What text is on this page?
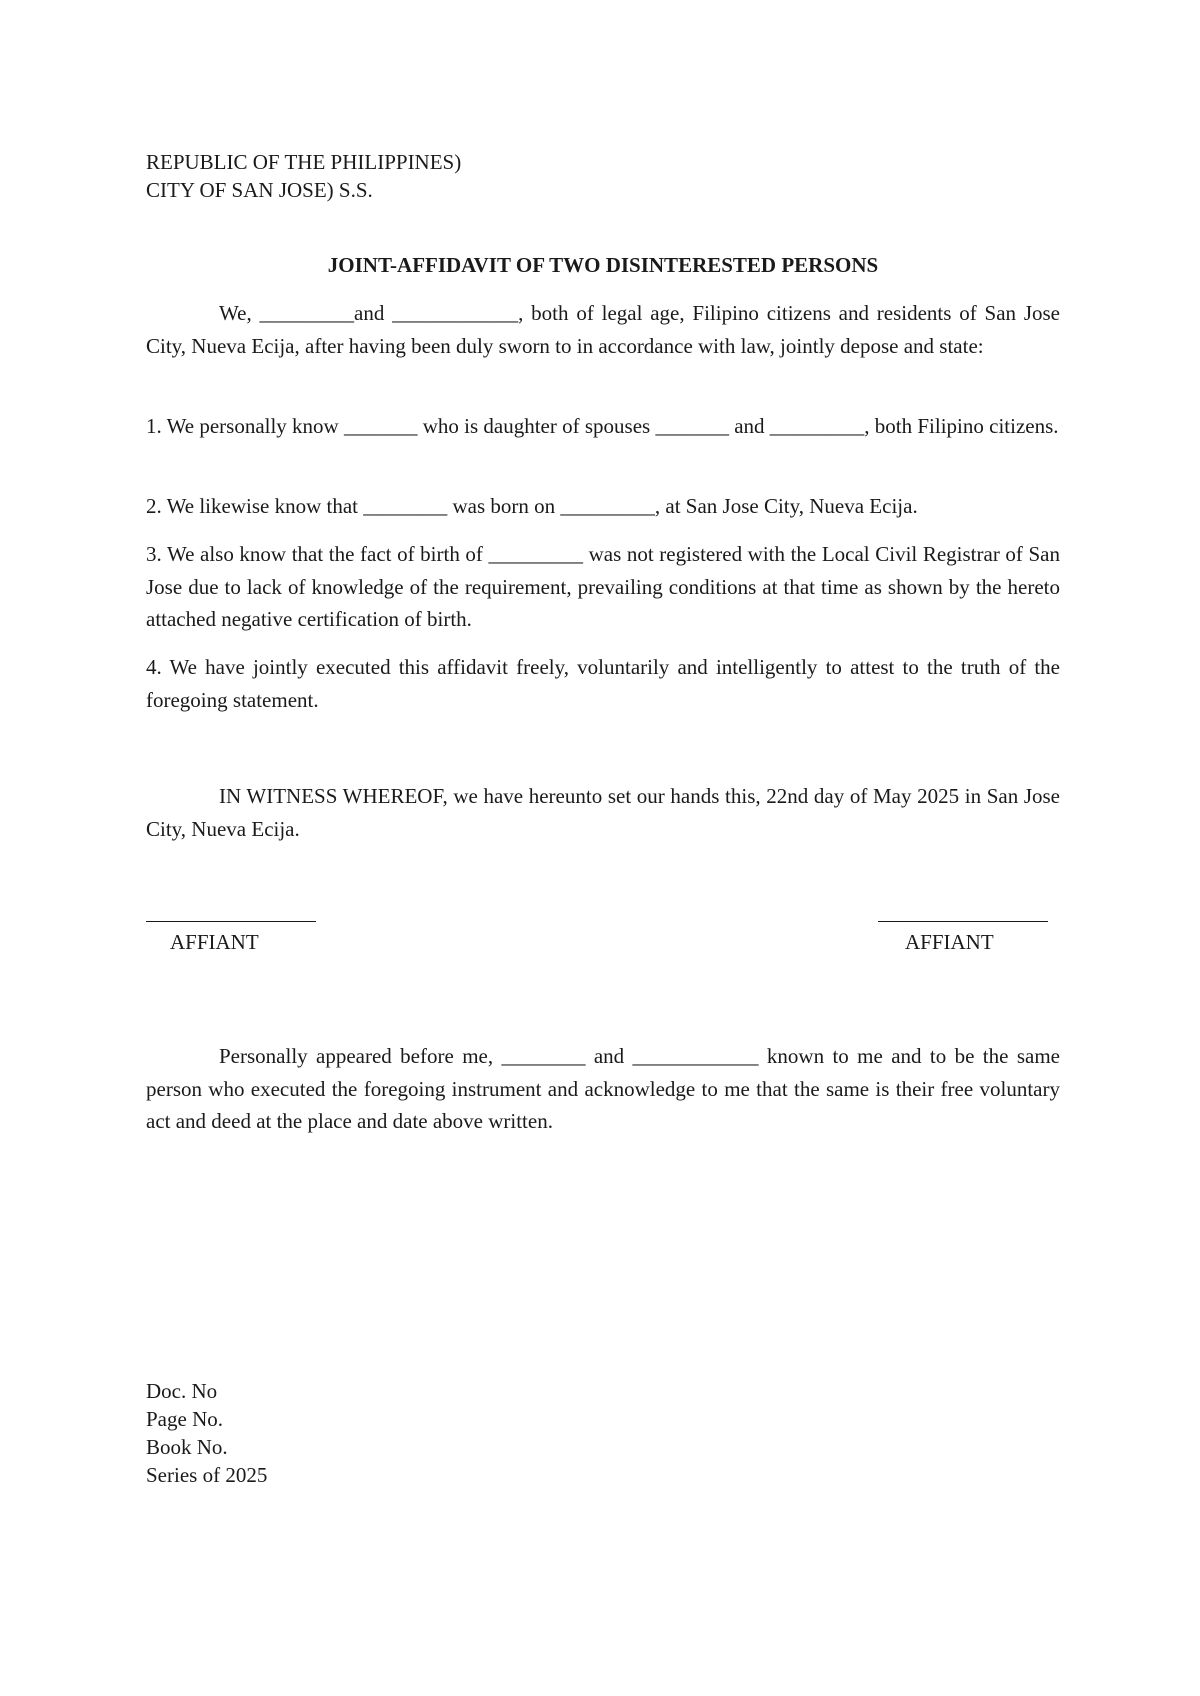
REPUBLIC OF THE PHILIPPINES)
CITY OF SAN JOSE) S.S.
JOINT-AFFIDAVIT OF TWO DISINTERESTED PERSONS

We, _________and ____________, both of legal age, Filipino citizens and residents of San Jose City, Nueva Ecija, after having been duly sworn to in accordance with law, jointly depose and state:

1. We personally know _______ who is daughter of spouses _______ and _________, both Filipino citizens.

2. We likewise know that ________ was born on _________, at San Jose City, Nueva Ecija.

3. We also know that the fact of birth of _________ was not registered with the Local Civil Registrar of San Jose due to lack of knowledge of the requirement, prevailing conditions at that time as shown by the hereto attached negative certification of birth.

4. We have jointly executed this affidavit freely, voluntarily and intelligently to attest to the truth of the foregoing statement.

IN WITNESS WHEREOF, we have hereunto set our hands this, 22nd day of May 2025 in San Jose City, Nueva Ecija.

AFFIANT	AFFIANT

Personally appeared before me, ________ and ____________ known to me and to be the same person who executed the foregoing instrument and acknowledge to me that the same is their free voluntary act and deed at the place and date above written.

Doc. No
Page No.
Book No.
Series of 2025
